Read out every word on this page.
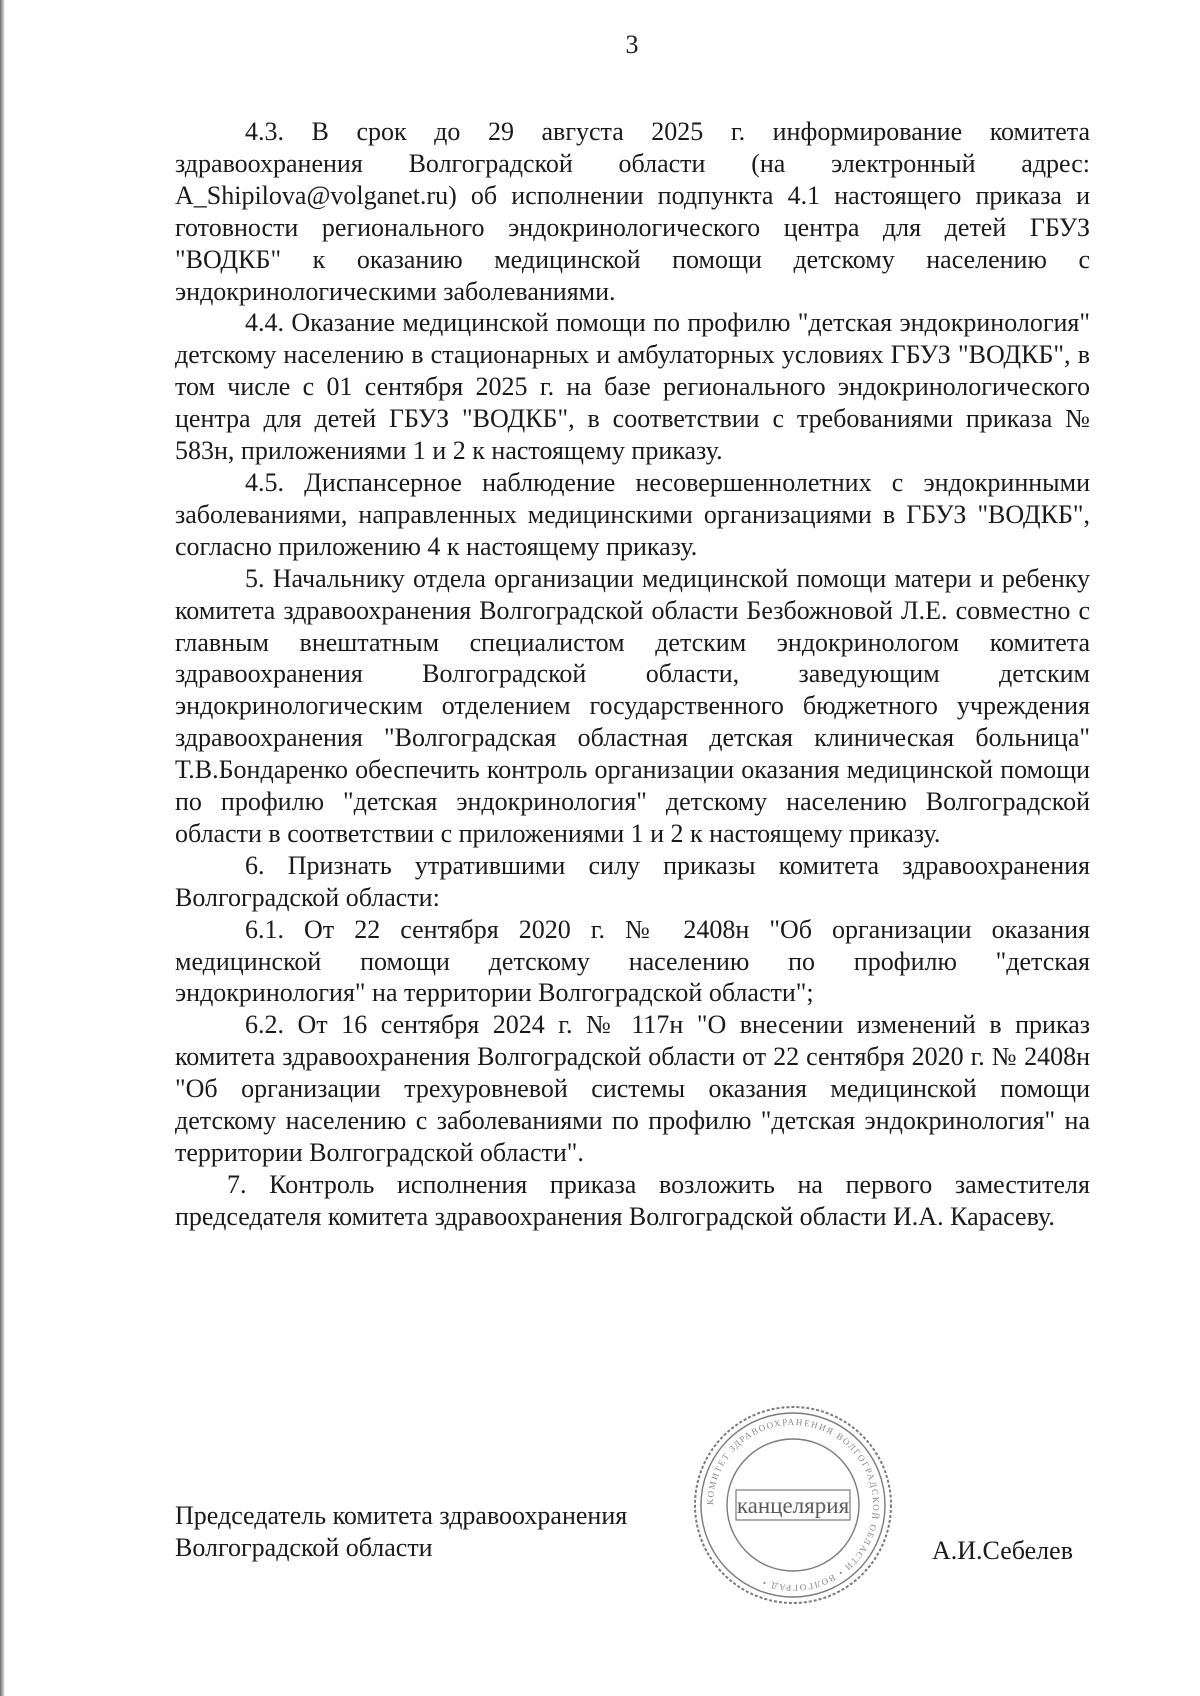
3

4.3. В срок до 29 августа 2025 г. информирование комитета здравоохранения Волгоградской области (на электронный адрес: A_Shipilova@volganet.ru) об исполнении подпункта 4.1 настоящего приказа и готовности регионального эндокринологического центра для детей ГБУЗ "ВОДКБ" к оказанию медицинской помощи детскому населению с эндокринологическими заболеваниями.

4.4. Оказание медицинской помощи по профилю "детская эндокринология" детскому населению в стационарных и амбулаторных условиях ГБУЗ "ВОДКБ", в том числе с 01 сентября 2025 г. на базе регионального эндокринологического центра для детей ГБУЗ "ВОДКБ", в соответствии с требованиями приказа № 583н, приложениями 1 и 2 к настоящему приказу.

4.5. Диспансерное наблюдение несовершеннолетних с эндокринными заболеваниями, направленных медицинскими организациями в ГБУЗ "ВОДКБ", согласно приложению 4 к настоящему приказу.

5. Начальнику отдела организации медицинской помощи матери и ребенку комитета здравоохранения Волгоградской области Безбожновой Л.Е. совместно с главным внештатным специалистом детским эндокринологом комитета здравоохранения Волгоградской области, заведующим детским эндокринологическим отделением государственного бюджетного учреждения здравоохранения "Волгоградская областная детская клиническая больница" Т.В.Бондаренко обеспечить контроль организации оказания медицинской помощи по профилю "детская эндокринология" детскому населению Волгоградской области в соответствии с приложениями 1 и 2 к настоящему приказу.

6. Признать утратившими силу приказы комитета здравоохранения Волгоградской области:

6.1. От 22 сентября 2020 г. № 2408н "Об организации оказания медицинской помощи детскому населению по профилю "детская эндокринология" на территории Волгоградской области";

6.2. От 16 сентября 2024 г. № 117н "О внесении изменений в приказ комитета здравоохранения Волгоградской области от 22 сентября 2020 г. № 2408н "Об организации трехуровневой системы оказания медицинской помощи детскому населению с заболеваниями по профилю "детская эндокринология" на территории Волгоградской области".

7. Контроль исполнения приказа возложить на первого заместителя председателя комитета здравоохранения Волгоградской области И.А. Карасеву.

Председатель комитета здравоохранения
Волгоградской области	А.И.Себелев
КОМИТЕТ ЗДРАВООХРАНЕНИЯ ВОЛГОГРАДСКОЙ ОБЛАСТИ • ВОЛГОГРАД •
канцелярия
